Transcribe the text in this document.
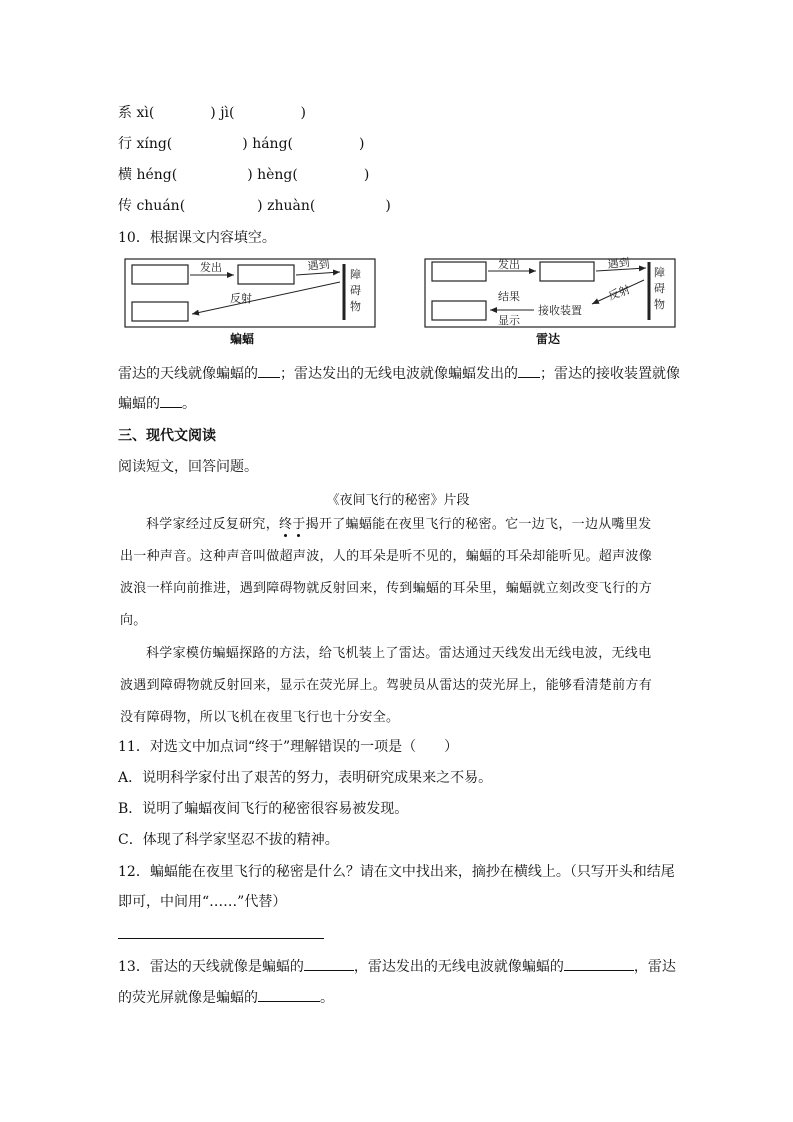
系 xì(	) jì(	)
行 xíng(	) háng(	)
横 héng(	) hèng(	)
传 chuán(	) zhuàn(	)
10．根据课文内容填空。
发出	遇到
障
碍
物
反射
蝙蝠
发出	遇到
障
碍
物
反射
接收装置
结果
显示
雷达
雷达的天线就像蝙蝠的 ；雷达发出的无线电波就像蝙蝠发出的 ；雷达的接收装置就像
蝙蝠的 。
三、现代文阅读
阅读短文，回答问题。
《夜间飞行的秘密》片段
科学家经过反复研究，终于揭开了蝙蝠能在夜里飞行的秘密。它一边飞，一边从嘴里发
出一种声音。这种声音叫做超声波，人的耳朵是听不见的，蝙蝠的耳朵却能听见。超声波像
波浪一样向前推进，遇到障碍物就反射回来，传到蝙蝠的耳朵里，蝙蝠就立刻改变飞行的方
向。
科学家模仿蝙蝠探路的方法，给飞机装上了雷达。雷达通过天线发出无线电波，无线电
波遇到障碍物就反射回来，显示在荧光屏上。驾驶员从雷达的荧光屏上，能够看清楚前方有
没有障碍物，所以飞机在夜里飞行也十分安全。
11．对选文中加点词“终于”理解错误的一项是（　　）
A．说明科学家付出了艰苦的努力，表明研究成果来之不易。
B．说明了蝙蝠夜间飞行的秘密很容易被发现。
C．体现了科学家坚忍不拔的精神。
12．蝙蝠能在夜里飞行的秘密是什么？请在文中找出来，摘抄在横线上。（只写开头和结尾
即可，中间用“……”代替）
13．雷达的天线就像是蝙蝠的	，雷达发出的无线电波就像蝙蝠的	，雷达
的荧光屏就像是蝙蝠的	。
